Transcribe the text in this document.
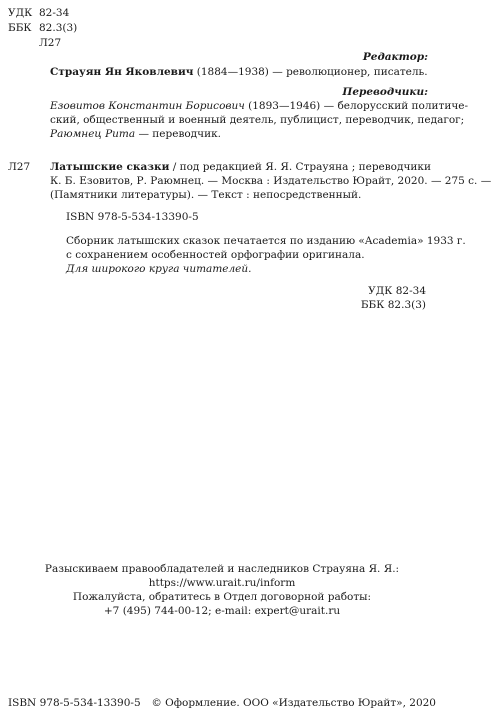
УДК 82-34
ББК 82.3(3)
Л27
Редактор:
Страуян Ян Яковлевич (1884—1938) — революционер, писатель.
Переводчики:
Езовитов Константин Борисович (1893—1946) — белорусский политиче-
ский, общественный и военный деятель, публицист, переводчик, педагог;
Раюмнец Рита — переводчик.
Л27 Латышские сказки / под редакцией Я. Я. Страуяна ; переводчики
К. Б. Езовитов, Р. Раюмнец. — Москва : Издательство Юрайт, 2020. — 275 с. —
(Памятники литературы). — Текст : непосредственный.
ISBN 978-5-534-13390-5
Сборник латышских сказок печатается по изданию «Academia» 1933 г.
с сохранением особенностей орфографии оригинала.
Для широкого круга читателей.
УДК 82-34
ББК 82.3(3)
Разыскиваем правообладателей и наследников Страуяна Я. Я.:
https://www.urait.ru/inform
Пожалуйста, обратитесь в Отдел договорной работы:
+7 (495) 744-00-12; e-mail: expert@urait.ru
ISBN 978-5-534-13390-5 © Оформление. ООО «Издательство Юрайт», 2020
